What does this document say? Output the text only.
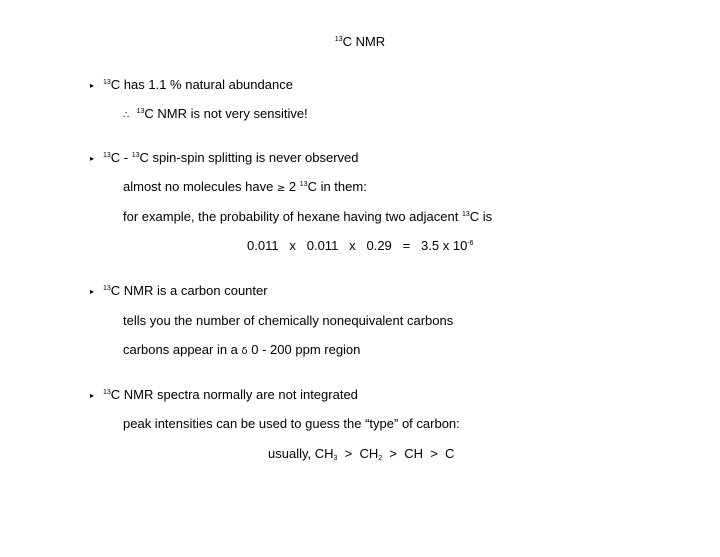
$^{13}$C NMR
▸ $^{13}$C has 1.1 % natural abundance
∴ $^{13}$C NMR is not very sensitive!
▸ $^{13}$C - $^{13}$C spin-spin splitting is never observed
almost no molecules have ≥ 2 $^{13}$C in them:
for example, the probability of hexane having two adjacent $^{13}$C is
0.011   x   0.011   x   0.29   =   3.5 x $10^{-6}$
▸ $^{13}$C NMR is a carbon counter
tells you the number of chemically nonequivalent carbons
carbons appear in a δ 0 - 200 ppm region
▸ $^{13}$C NMR spectra normally are not integrated
peak intensities can be used to guess the “type” of carbon:
usually, $CH_3 > CH_2$  >  CH  >  C
